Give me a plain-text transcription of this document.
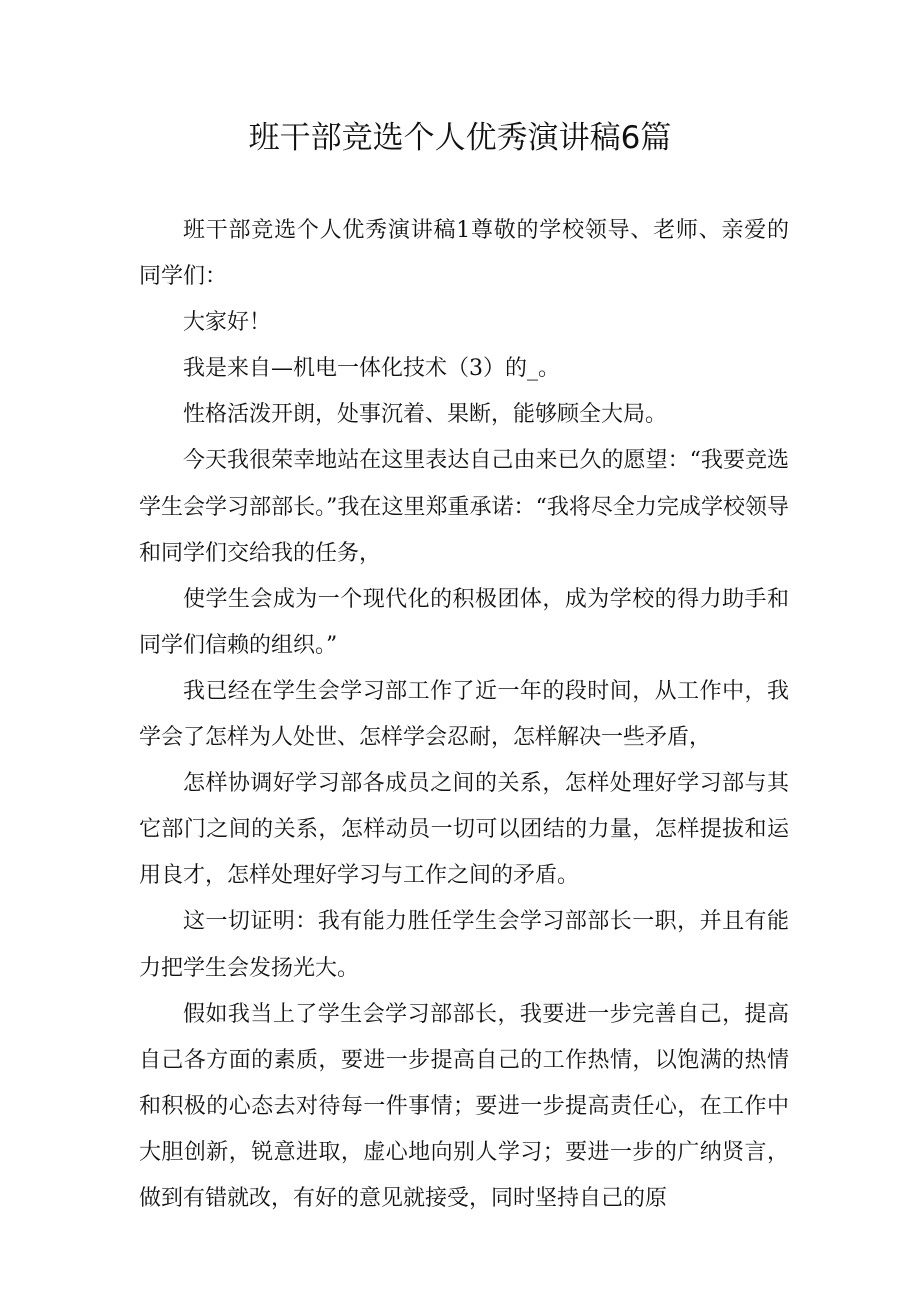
班干部竞选个人优秀演讲稿6篇

班干部竞选个人优秀演讲稿1尊敬的学校领导、老师、亲爱的同学们：

大家好！

我是来自—机电一体化技术（3）的_。

性格活泼开朗，处事沉着、果断，能够顾全大局。

今天我很荣幸地站在这里表达自己由来已久的愿望：“我要竞选学生会学习部部长。”我在这里郑重承诺：“我将尽全力完成学校领导和同学们交给我的任务，

使学生会成为一个现代化的积极团体，成为学校的得力助手和同学们信赖的组织。”

我已经在学生会学习部工作了近一年的段时间，从工作中，我学会了怎样为人处世、怎样学会忍耐，怎样解决一些矛盾，

怎样协调好学习部各成员之间的关系，怎样处理好学习部与其它部门之间的关系，怎样动员一切可以团结的力量，怎样提拔和运用良才，怎样处理好学习与工作之间的矛盾。

这一切证明：我有能力胜任学生会学习部部长一职，并且有能力把学生会发扬光大。

假如我当上了学生会学习部部长，我要进一步完善自己，提高自己各方面的素质，要进一步提高自己的工作热情，以饱满的热情和积极的心态去对待每一件事情；要进一步提高责任心，在工作中大胆创新，锐意进取，虚心地向别人学习；要进一步的广纳贤言，做到有错就改，有好的意见就接受，同时坚持自己的原
